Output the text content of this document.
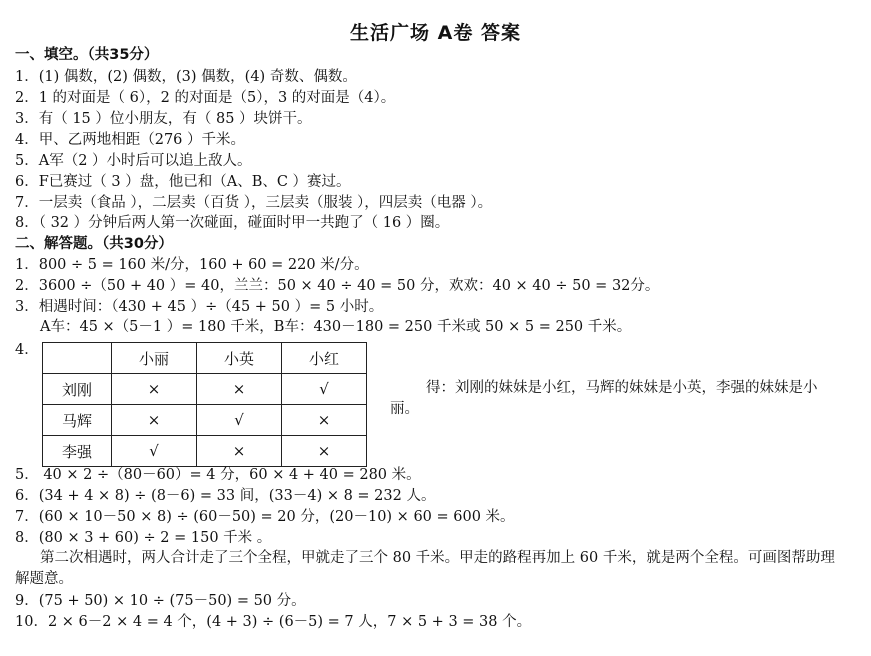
生活广场 A卷 答案
一、填空。（共35分）
1．(1) 偶数，(2) 偶数，(3) 偶数，(4) 奇数、偶数。
2．1 的对面是（ 6），2 的对面是（5），3 的对面是（4）。
3．有（ 15 ）位小朋友，有（ 85 ）块饼干。
4．甲、乙两地相距（276 ）千米。
5．A军（2 ）小时后可以追上敌人。
6．F已赛过（ 3 ）盘，他已和（A、B、C ）赛过。
7．一层卖（食品 ），二层卖（百货 ），三层卖（服装 ），四层卖（电器 ）。
8．（ 32 ）分钟后两人第一次碰面，碰面时甲一共跑了（ 16 ）圈。
二、解答题。（共30分）
1．800 ÷ 5 = 160 米/分，160 + 60 = 220 米/分。
2．3600 ÷（50 + 40 ）= 40，兰兰：50 × 40 ÷ 40 = 50 分，欢欢：40 × 40 ÷ 50 = 32分。
3．相遇时间：（430 + 45 ）÷（45 + 50 ）= 5 小时。
A车：45 ×（5－1 ）= 180 千米，B车：430－180 = 250 千米或 50 × 5 = 250 千米。
4．
		小丽	小英	小红
刘刚	×	×	√
马辉	×	√	×
李强	√	×	×
得：刘刚的妹妹是小红，马辉的妹妹是小英，李强的妹妹是小丽。
5． 40 × 2 ÷（80－60）= 4 分，60 × 4 + 40 = 280 米。
6．(34 + 4 × 8) ÷ (8－6) = 33 间，(33－4) × 8 = 232 人。
7．(60 × 10－50 × 8) ÷ (60－50) = 20 分，(20－10) × 60 = 600 米。
8．(80 × 3 + 60) ÷ 2 = 150 千米 。
第二次相遇时，两人合计走了三个全程，甲就走了三个 80 千米。甲走的路程再加上 60 千米，就是两个全程。可画图帮助理解题意。
9．(75 + 50) × 10 ÷ (75－50) = 50 分。
10．2 × 6－2 × 4 = 4 个，(4 + 3) ÷ (6－5) = 7 人，7 × 5 + 3 = 38 个。
